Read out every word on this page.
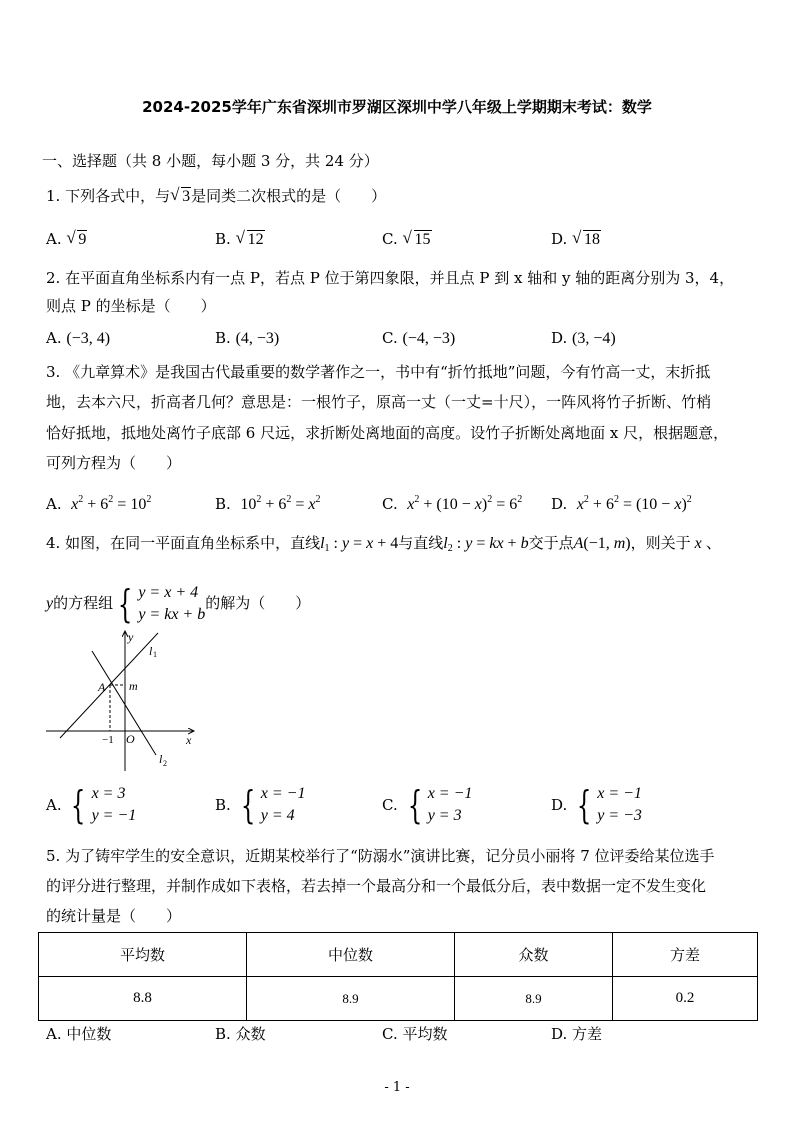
2024-2025学年广东省深圳市罗湖区深圳中学八年级上学期期末考试：数学
一、选择题（共 8 小题，每小题 3 分，共 24 分）
1. 下列各式中，与 √ 3是同类二次根式的是（　　）
A. √ 9	B. √ 12	C. √ 15	D. √ 18
2. 在平面直角坐标系内有一点 P，若点 P 位于第四象限，并且点 P 到 x 轴和 y 轴的距离分别为 3，4，
则点 P 的坐标是（　　）
A. (−3, 4)	B. (4, −3)	C. (−4, −3)	D. (3, −4)
3. 《九章算术》是我国古代最重要的数学著作之一，书中有“折竹抵地”问题，今有竹高一丈，末折抵
地，去本六尺，折高者几何？意思是：一根竹子，原高一丈（一丈=十尺），一阵风将竹子折断、竹梢
恰好抵地，抵地处离竹子底部 6 尺远，求折断处离地面的高度。设竹子折断处离地面 x 尺，根据题意，
可列方程为（　　）
A. $x^2 + 6^2 = 10^2$	B. $10^2 + 6^2 = x^2$	C. $x^2 + (10 - x)^2 = 6^2$ D. $x^2 + 6^2 = (10 - x)^2$
4. 如图，在同一平面直角坐标系中，直线$l_1$ : y = x + 4与直线$l_2$ : y = kx + b交于点A(−1, m)，则关于 x 、
y的方程组 { y = x + 4
y = kx + b
的解为（　　）
y
x
A m
−1 O
l 1
l 2
A. { x = 3
y = −1
B. { x = −1
y = 4
C. { x = −1
y = 3
D. { x = −1
y = −3
5. 为了铸牢学生的安全意识，近期某校举行了“防溺水”演讲比赛，记分员小丽将 7 位评委给某位选手
的评分进行整理，并制作成如下表格，若去掉一个最高分和一个最低分后，表中数据一定不发生变化
的统计量是（　　）
平均数	中位数	众数	方差
8.8	8.9	8.9	0.2
A. 中位数	B. 众数	C. 平均数	D. 方差
- 1 -
